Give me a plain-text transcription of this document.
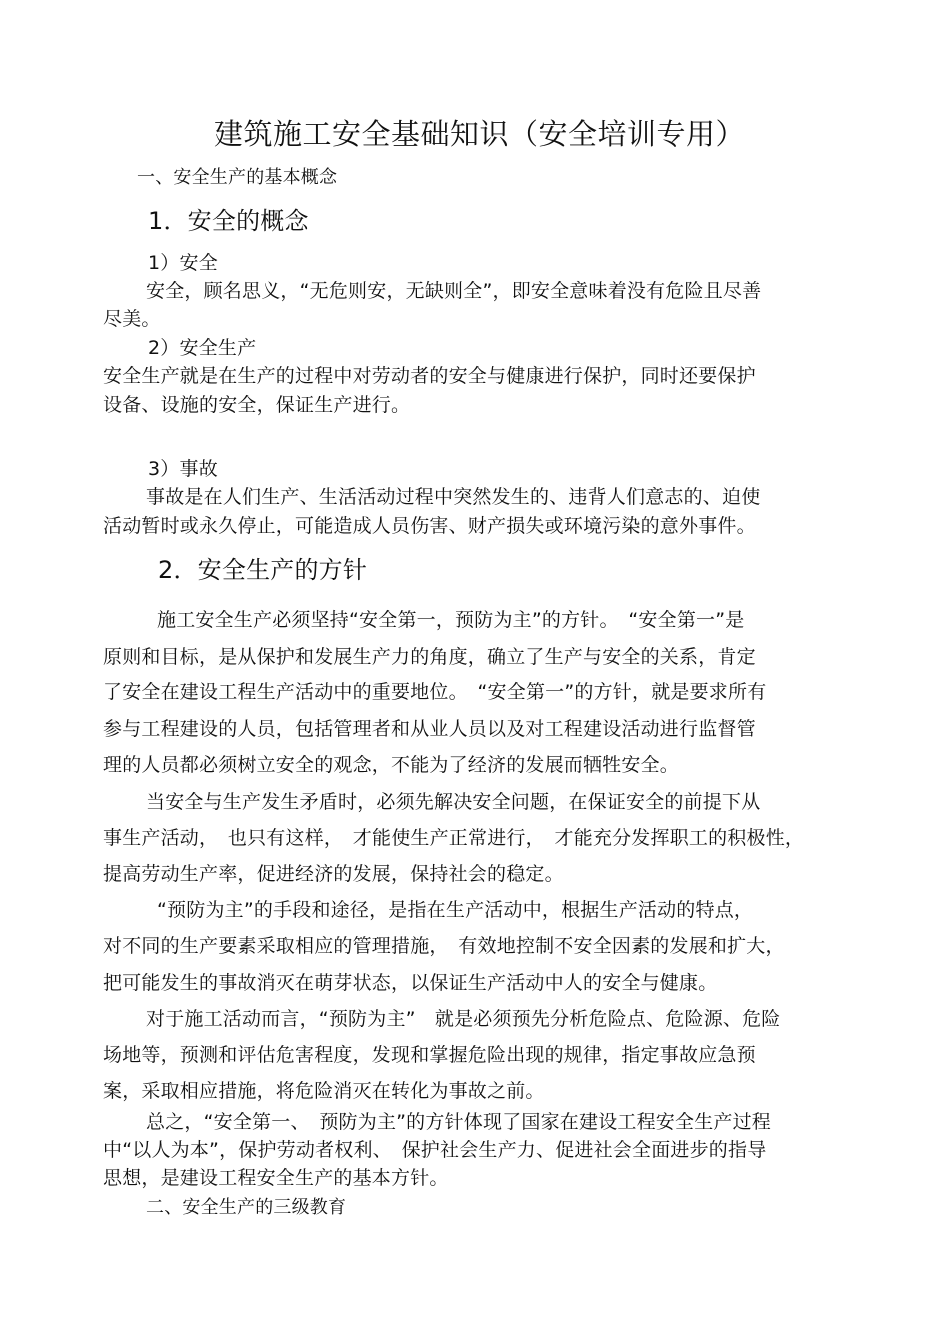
建筑施工安全基础知识（安全培训专用）
一、安全生产的基本概念
1．安全的概念
1）安全
安全，顾名思义，“无危则安，无缺则全”，即安全意味着没有危险且尽善
尽美。
2）安全生产
安全生产就是在生产的过程中对劳动者的安全与健康进行保护，同时还要保护
设备、设施的安全，保证生产进行。
3）事故
事故是在人们生产、生活活动过程中突然发生的、违背人们意志的、迫使
活动暂时或永久停止，可能造成人员伤害、财产损失或环境污染的意外事件。
2．安全生产的方针
施工安全生产必须坚持“安全第一，预防为主”的方针。　“安全第一”是
原则和目标，是从保护和发展生产力的角度，确立了生产与安全的关系，肯定
了安全在建设工程生产活动中的重要地位。　“安全第一”的方针，就是要求所有
参与工程建设的人员，包括管理者和从业人员以及对工程建设活动进行监督管
理的人员都必须树立安全的观念，不能为了经济的发展而牺牲安全。
当安全与生产发生矛盾时，必须先解决安全问题，在保证安全的前提下从
事生产活动，　也只有这样，　才能使生产正常进行，　才能充分发挥职工的积极性，
提高劳动生产率，促进经济的发展，保持社会的稳定。
“预防为主”的手段和途径，是指在生产活动中，根据生产活动的特点，
对不同的生产要素采取相应的管理措施，　有效地控制不安全因素的发展和扩大，
把可能发生的事故消灭在萌芽状态，以保证生产活动中人的安全与健康。
对于施工活动而言，“预防为主”　就是必须预先分析危险点、危险源、危险
场地等，预测和评估危害程度，发现和掌握危险出现的规律，指定事故应急预
案，采取相应措施，将危险消灭在转化为事故之前。
总之，“安全第一、　预防为主”的方针体现了国家在建设工程安全生产过程
中“以人为本”，保护劳动者权利、　保护社会生产力、促进社会全面进步的指导
思想，是建设工程安全生产的基本方针。
二、安全生产的三级教育
